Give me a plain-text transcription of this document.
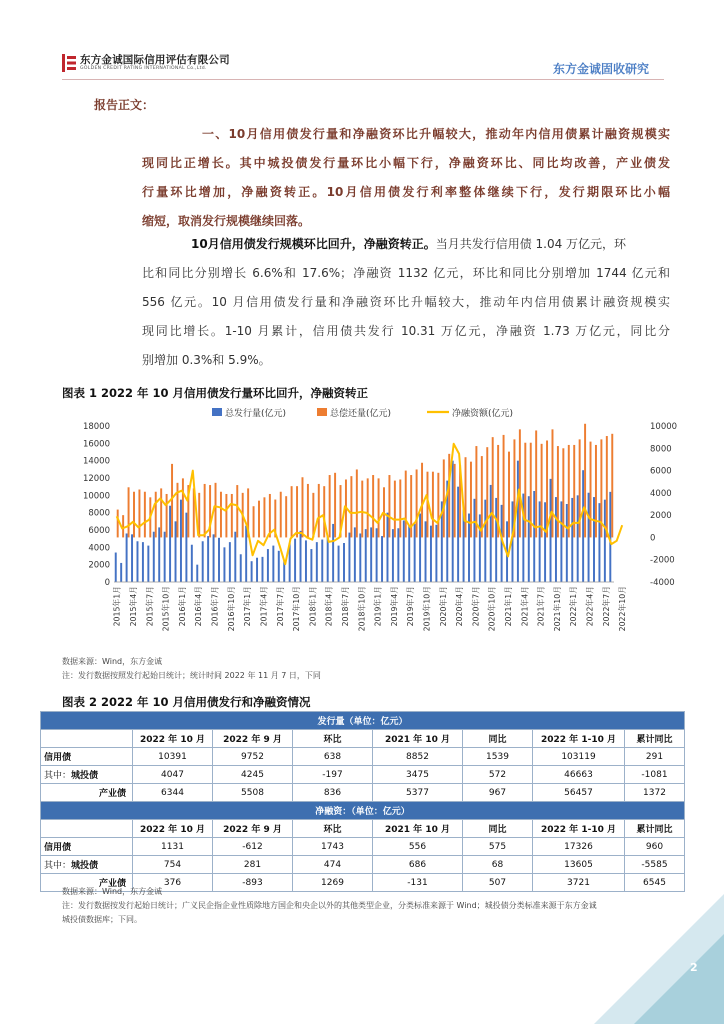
东方金诚国际信用评估有限公司
GOLDEN CREDIT RATING INTERNATIONAL Co.,Ltd.	东方金诚固收研究
报告正文：
一、10月信用债发行量和净融资环比升幅较大，推动年内信用债累计融资规模实
现同比正增长。其中城投债发行量环比小幅下行，净融资环比、同比均改善，产业债发
行量环比增加，净融资转正。10月信用债发行利率整体继续下行，发行期限环比小幅
缩短，取消发行规模继续回落。
10月信用债发行规模环比回升，净融资转正。当月共发行信用债 1.04 万亿元，环
比和同比分别增长 6.6%和 17.6%；净融资 1132 亿元，环比和同比分别增加 1744 亿元和
556 亿元。10 月信用债发行量和净融资环比升幅较大，推动年内信用债累计融资规模实
现同比增长。1-10 月累计，信用债共发行 10.31 万亿元，净融资 1.73 万亿元，同比分
别增加 0.3%和 5.9%。
图表 1 2022 年 10 月信用债发行量环比回升，净融资转正
总发行量(亿元)	总偿还量(亿元)	净融资额(亿元)
0
2000
4000
6000
8000
10000
12000
14000
16000
18000
-4000
-2000
0
2000
4000
6000
8000
10000
2015年1月 2015年4月 2015年7月 2015年10月 2016年1月 2016年4月 2016年7月 2016年10月 2017年1月 2017年4月 2017年7月 2017年10月 2018年1月 2018年4月 2018年7月 2018年10月 2019年1月 2019年4月 2019年7月 2019年10月 2020年1月 2020年4月 2020年7月 2020年10月 2021年1月 2021年4月 2021年7月 2021年10月 2022年1月 2022年4月 2022年7月 2022年10月
数据来源：Wind，东方金诚
注：发行数据按照发行起始日统计；统计时间 2022 年 11 月 7 日，下同
图表 2 2022 年 10 月信用债发行和净融资情况
发行量（单位：亿元）							
	2022 年 10 月	2022 年 9 月	环比	2021 年 10 月	同比	2022 年 1-10 月	累计同比
信用债	10391	9752	638	8852	1539	103119	291
其中：城投债	4047	4245	-197	3475	572	46663	-1081
产业债	6344	5508	836	5377	967	56457	1372
净融资：（单位：亿元）							
	2022 年 10 月	2022 年 9 月	环比	2021 年 10 月	同比	2022 年 1-10 月	累计同比
信用债	1131	-612	1743	556	575	17326	960
其中：城投债	754	281	474	686	68	13605	-5585
产业债	376	-893	1269	-131	507	3721	6545
数据来源：Wind，东方金诚
注：发行数据按发行起始日统计；广义民企指企业性质除地方国企和央企以外的其他类型企业，分类标准来源于 Wind；城投债分类标准来源于东方金诚
城投债数据库；下同。
2
